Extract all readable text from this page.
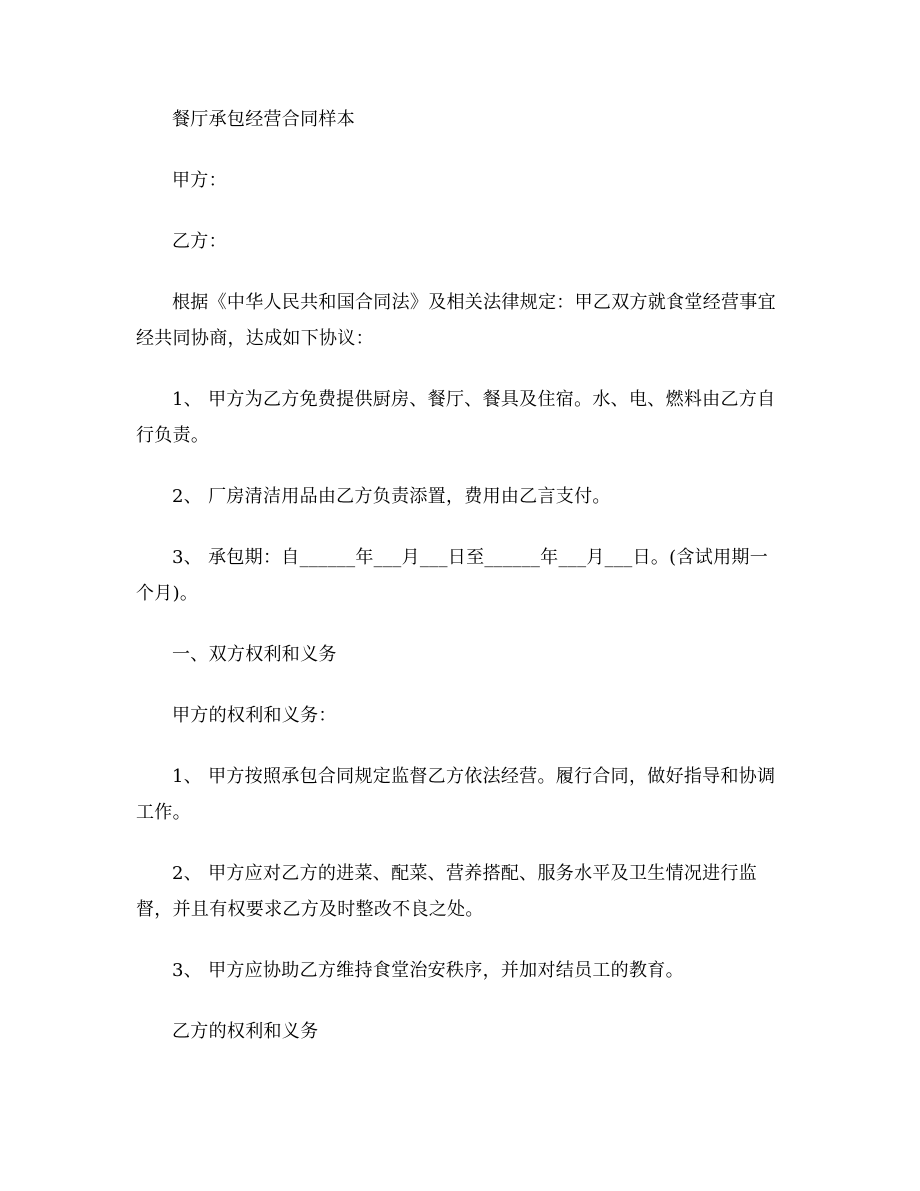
餐厅承包经营合同样本

甲方：

乙方：

根据《中华人民共和国合同法》及相关法律规定：甲乙双方就食堂经营事宜经共同协商，达成如下协议：

1、 甲方为乙方免费提供厨房、餐厅、餐具及住宿。水、电、燃料由乙方自行负责。

2、 厂房清洁用品由乙方负责添置，费用由乙言支付。

3、 承包期：自______年___月___日至______年___月___日。(含试用期一个月)。

一、双方权利和义务

甲方的权利和义务：

1、 甲方按照承包合同规定监督乙方依法经营。履行合同，做好指导和协调工作。

2、 甲方应对乙方的进菜、配菜、营养搭配、服务水平及卫生情况进行监督，并且有权要求乙方及时整改不良之处。

3、 甲方应协助乙方维持食堂治安秩序，并加对结员工的教育。

乙方的权利和义务
